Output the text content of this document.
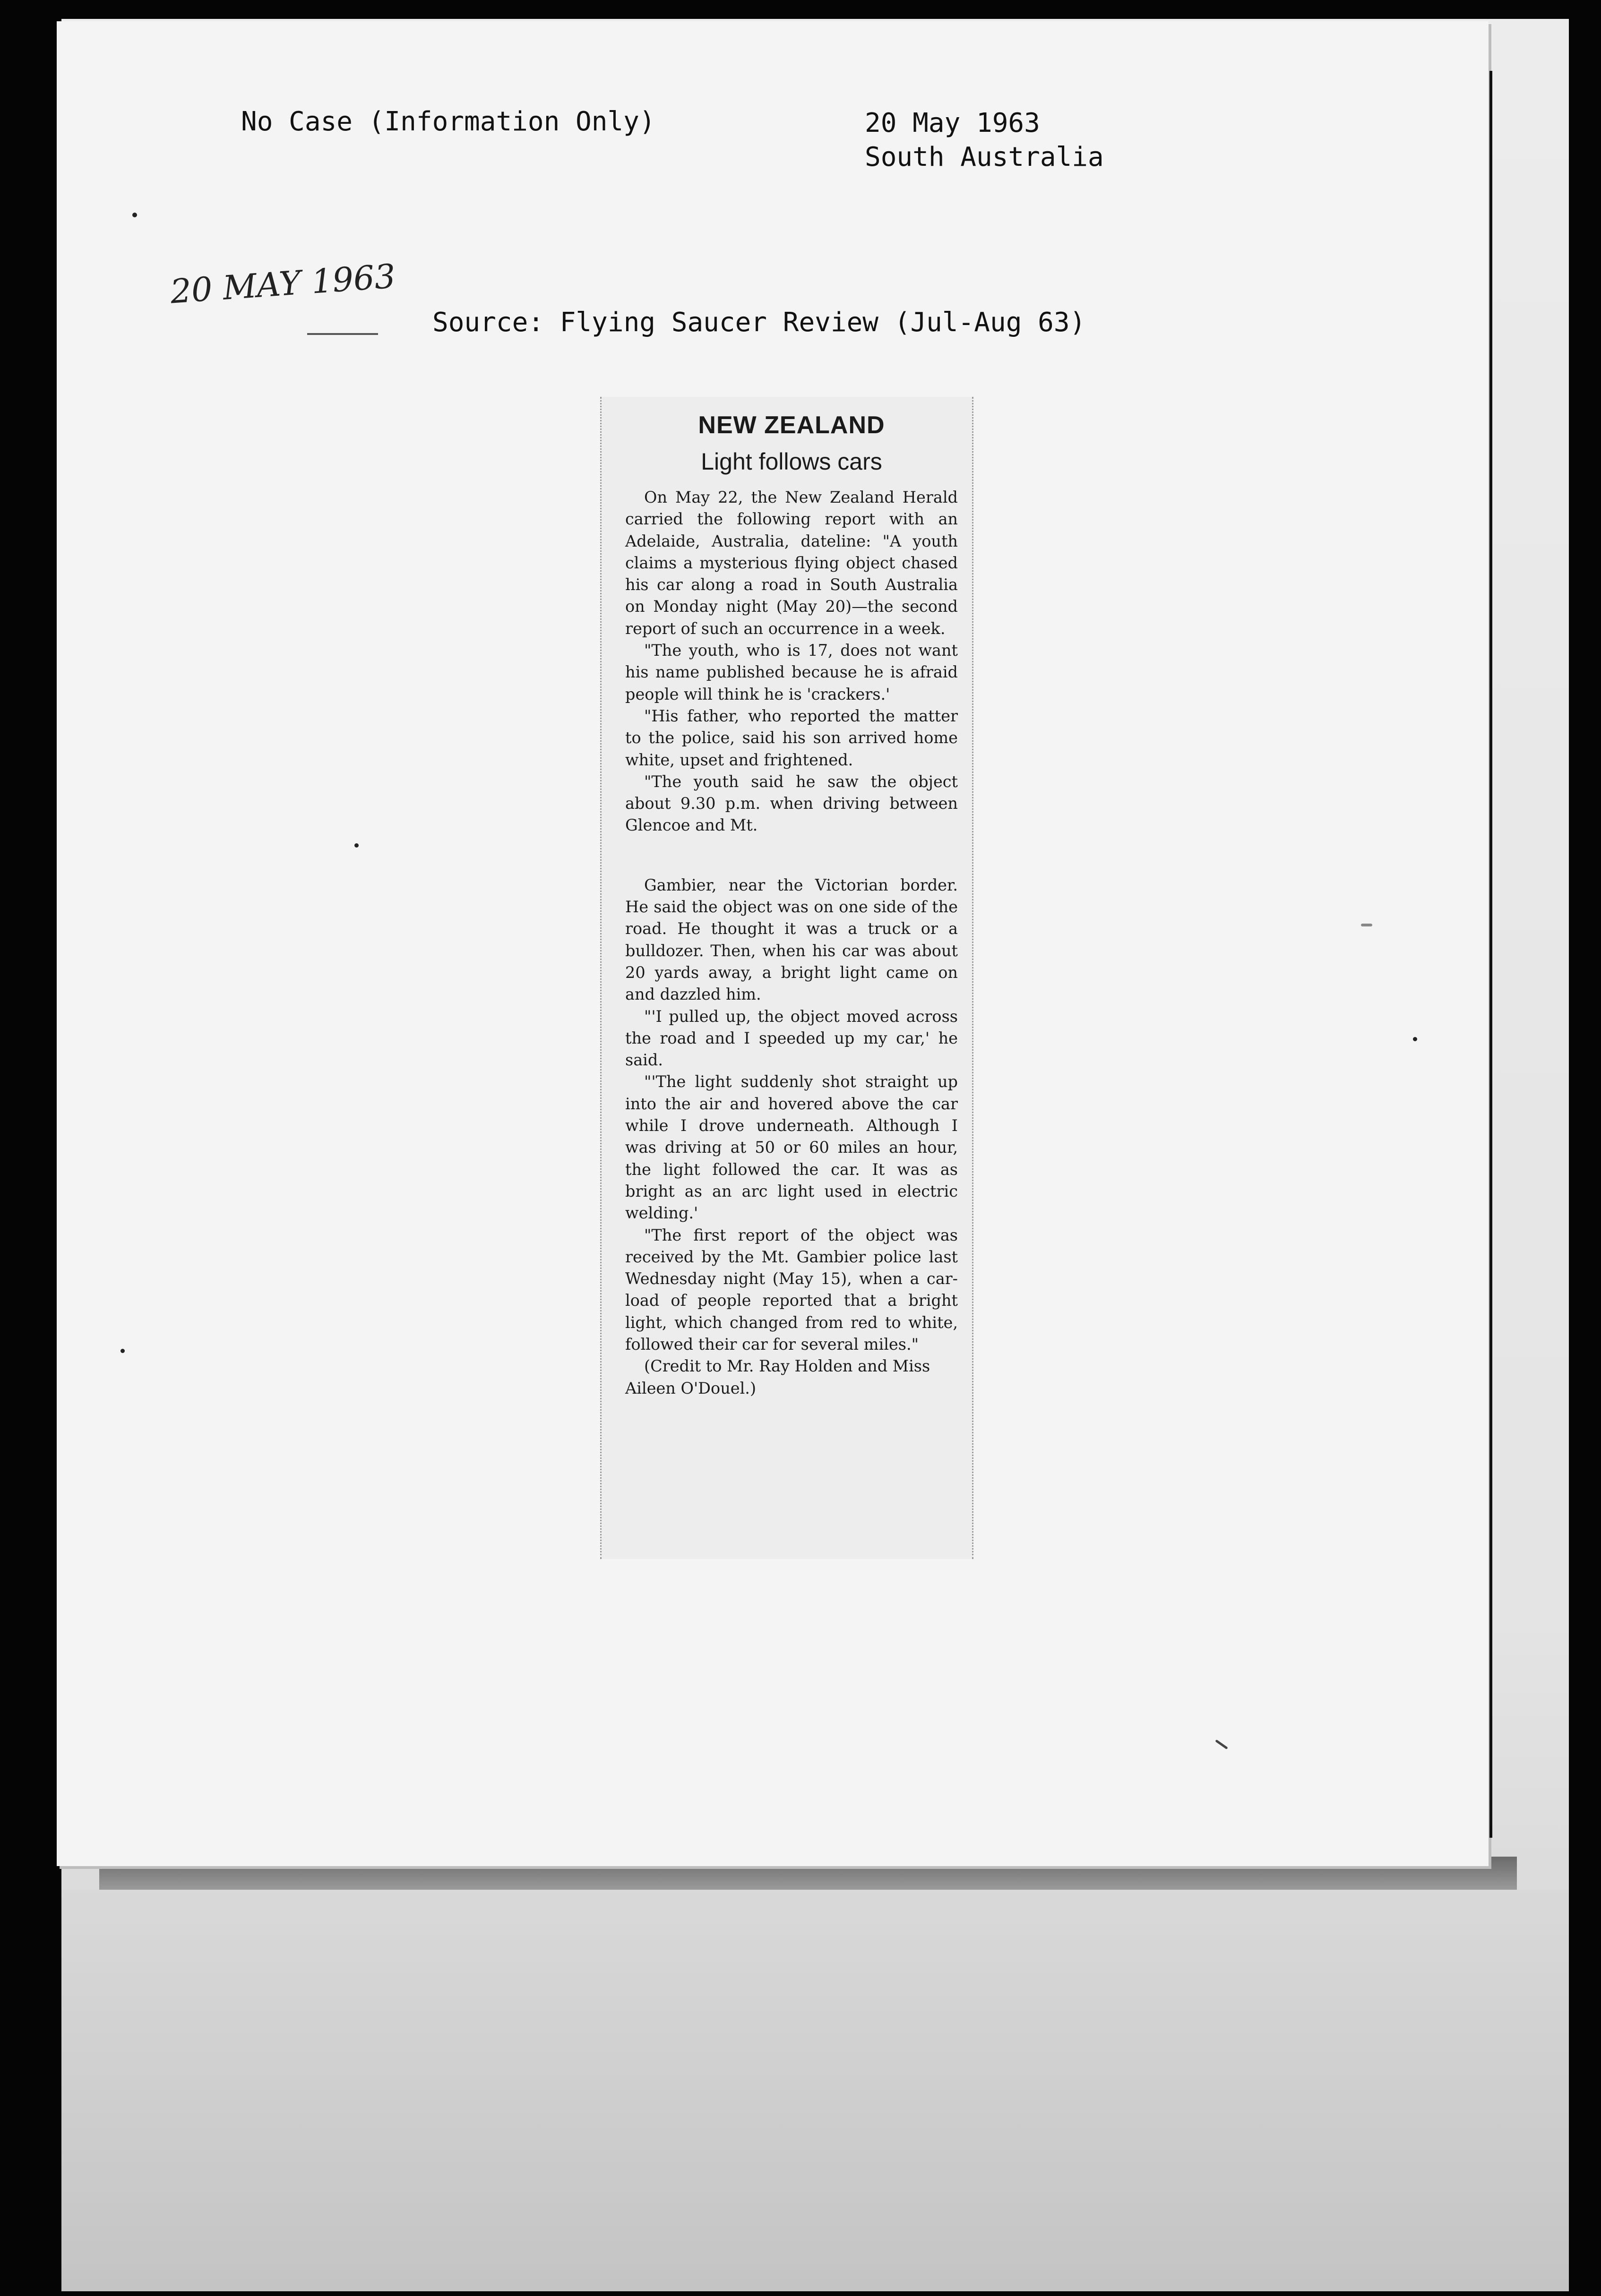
No Case (Information Only)	20 May 1963
South Australia
20 MAY 1963
Source: Flying Saucer Review (Jul-Aug 63)
NEW ZEALAND
Light follows cars

On May 22, the New Zealand Herald carried the following report with an Adelaide, Australia, dateline: "A youth claims a mysterious flying object chased his car along a road in South Australia on Monday night (May 20)—the second report of such an occurrence in a week.

"The youth, who is 17, does not want his name published because he is afraid people will think he is 'crackers.'

"His father, who reported the matter to the police, said his son arrived home white, upset and frightened.

"The youth said he saw the object about 9.30 p.m. when driving between Glencoe and Mt.

Gambier, near the Victorian border. He said the object was on one side of the road. He thought it was a truck or a bulldozer. Then, when his car was about 20 yards away, a bright light came on and dazzled him.

"'I pulled up, the object moved across the road and I speeded up my car,' he said.

"'The light suddenly shot straight up into the air and hovered above the car while I drove underneath. Although I was driving at 50 or 60 miles an hour, the light followed the car. It was as bright as an arc light used in electric welding.'

"The first report of the object was received by the Mt. Gambier police last Wednesday night (May 15), when a car-load of people reported that a bright light, which changed from red to white, followed their car for several miles."

(Credit to Mr. Ray Holden and Miss Aileen O'Douel.)
